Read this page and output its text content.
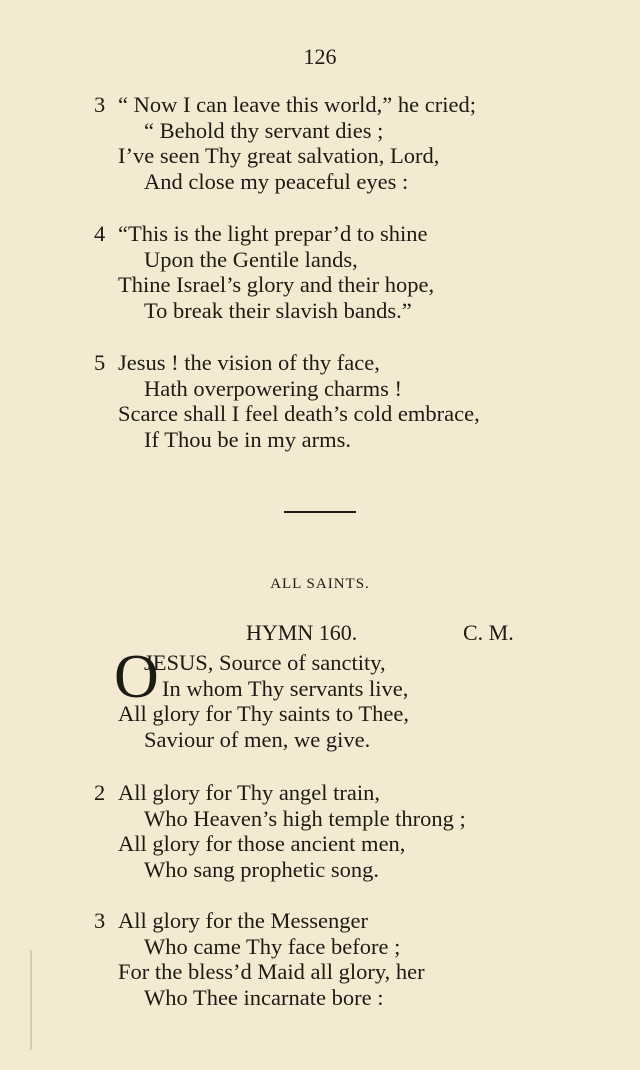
126
3 “ Now I can leave this world,” he cried;
“ Behold thy servant dies ;
I’ve seen Thy great salvation, Lord,
And close my peaceful eyes :
4 “This is the light prepar’d to shine
Upon the Gentile lands,
Thine Israel’s glory and their hope,
To break their slavish bands.”
5 Jesus ! the vision of thy face,
Hath overpowering charms !
Scarce shall I feel death’s cold embrace,
If Thou be in my arms.
ALL SAINTS.
HYMN 160.	C. M.
O
JESUS, Source of sanctity,
In whom Thy servants live,
All glory for Thy saints to Thee,
Saviour of men, we give.
2 All glory for Thy angel train,
Who Heaven’s high temple throng ;
All glory for those ancient men,
Who sang prophetic song.
3 All glory for the Messenger
Who came Thy face before ;
For the bless’d Maid all glory, her
Who Thee incarnate bore :
